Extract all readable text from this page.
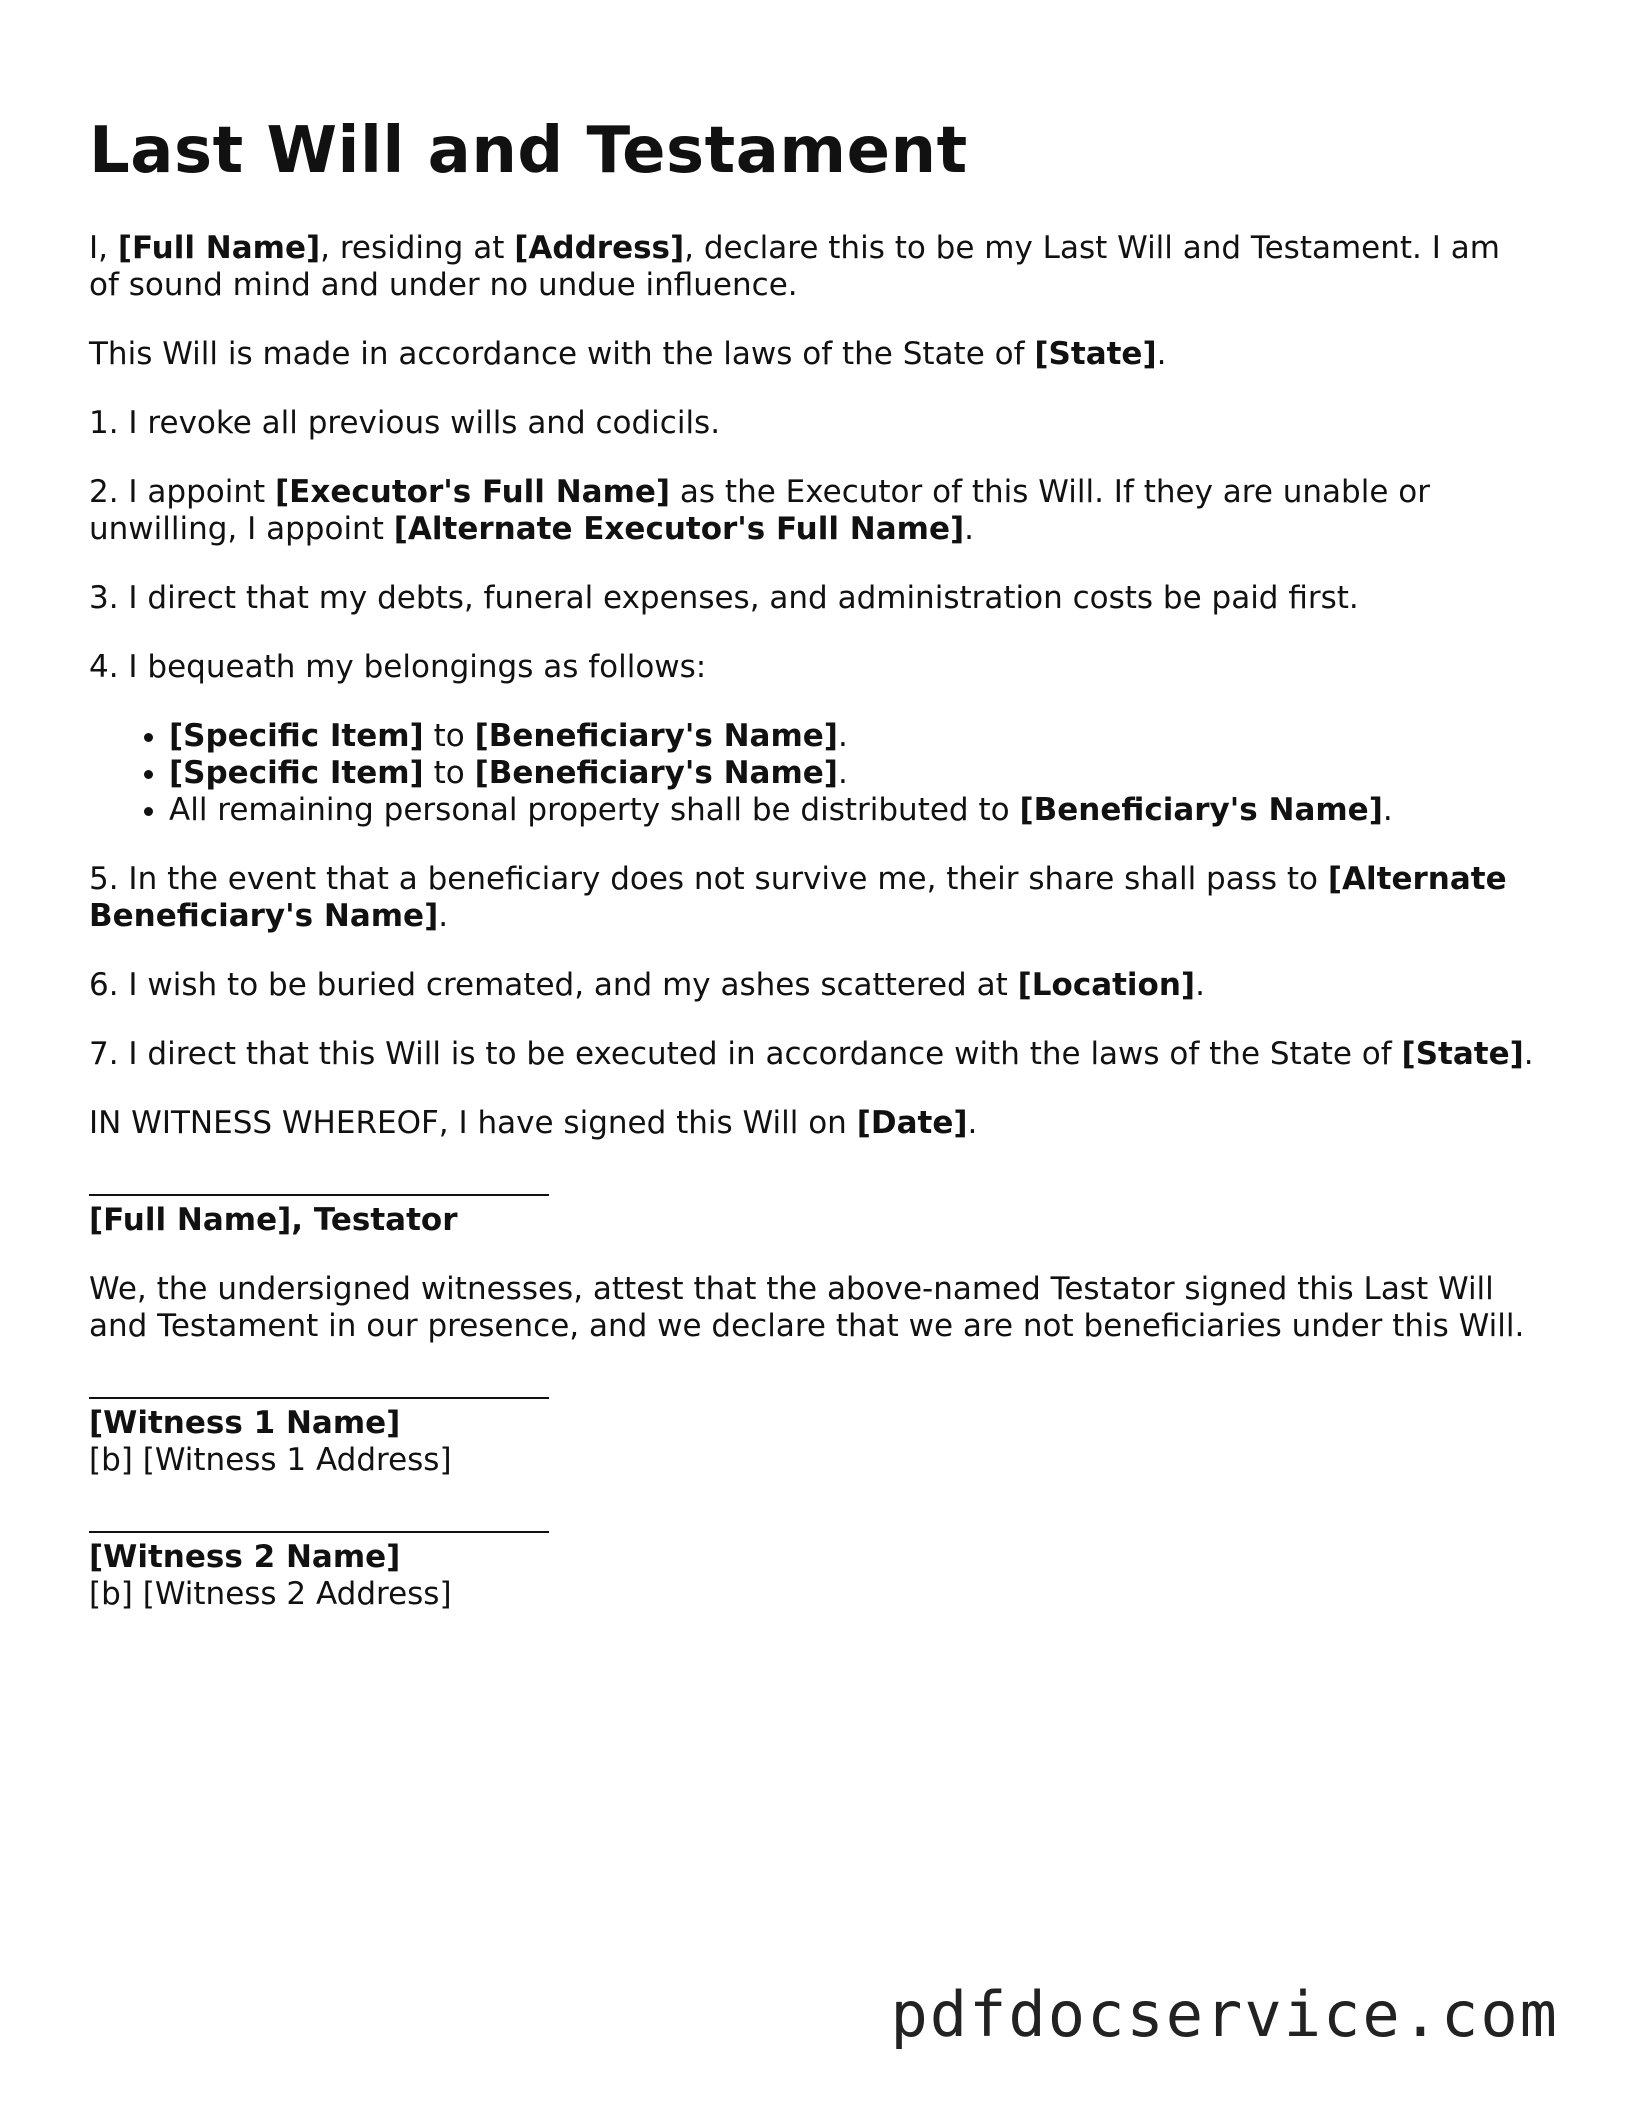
Last Will and Testament

I, [Full Name], residing at [Address], declare this to be my Last Will and Testament. I am of sound mind and under no undue influence.

This Will is made in accordance with the laws of the State of [State].

1. I revoke all previous wills and codicils.

2. I appoint [Executor's Full Name] as the Executor of this Will. If they are unable or unwilling, I appoint [Alternate Executor's Full Name].

3. I direct that my debts, funeral expenses, and administration costs be paid first.

4. I bequeath my belongings as follows:

• [Specific Item] to [Beneficiary's Name].
• [Specific Item] to [Beneficiary's Name].
• All remaining personal property shall be distributed to [Beneficiary's Name].

5. In the event that a beneficiary does not survive me, their share shall pass to [Alternate Beneficiary's Name].

6. I wish to be buried cremated, and my ashes scattered at [Location].

7. I direct that this Will is to be executed in accordance with the laws of the State of [State].

IN WITNESS WHEREOF, I have signed this Will on [Date].

[Full Name], Testator

We, the undersigned witnesses, attest that the above-named Testator signed this Last Will and Testament in our presence, and we declare that we are not beneficiaries under this Will.

[Witness 1 Name]
[b] [Witness 1 Address]
[Witness 2 Name]
[b] [Witness 2 Address]
pdfdocservice.com
